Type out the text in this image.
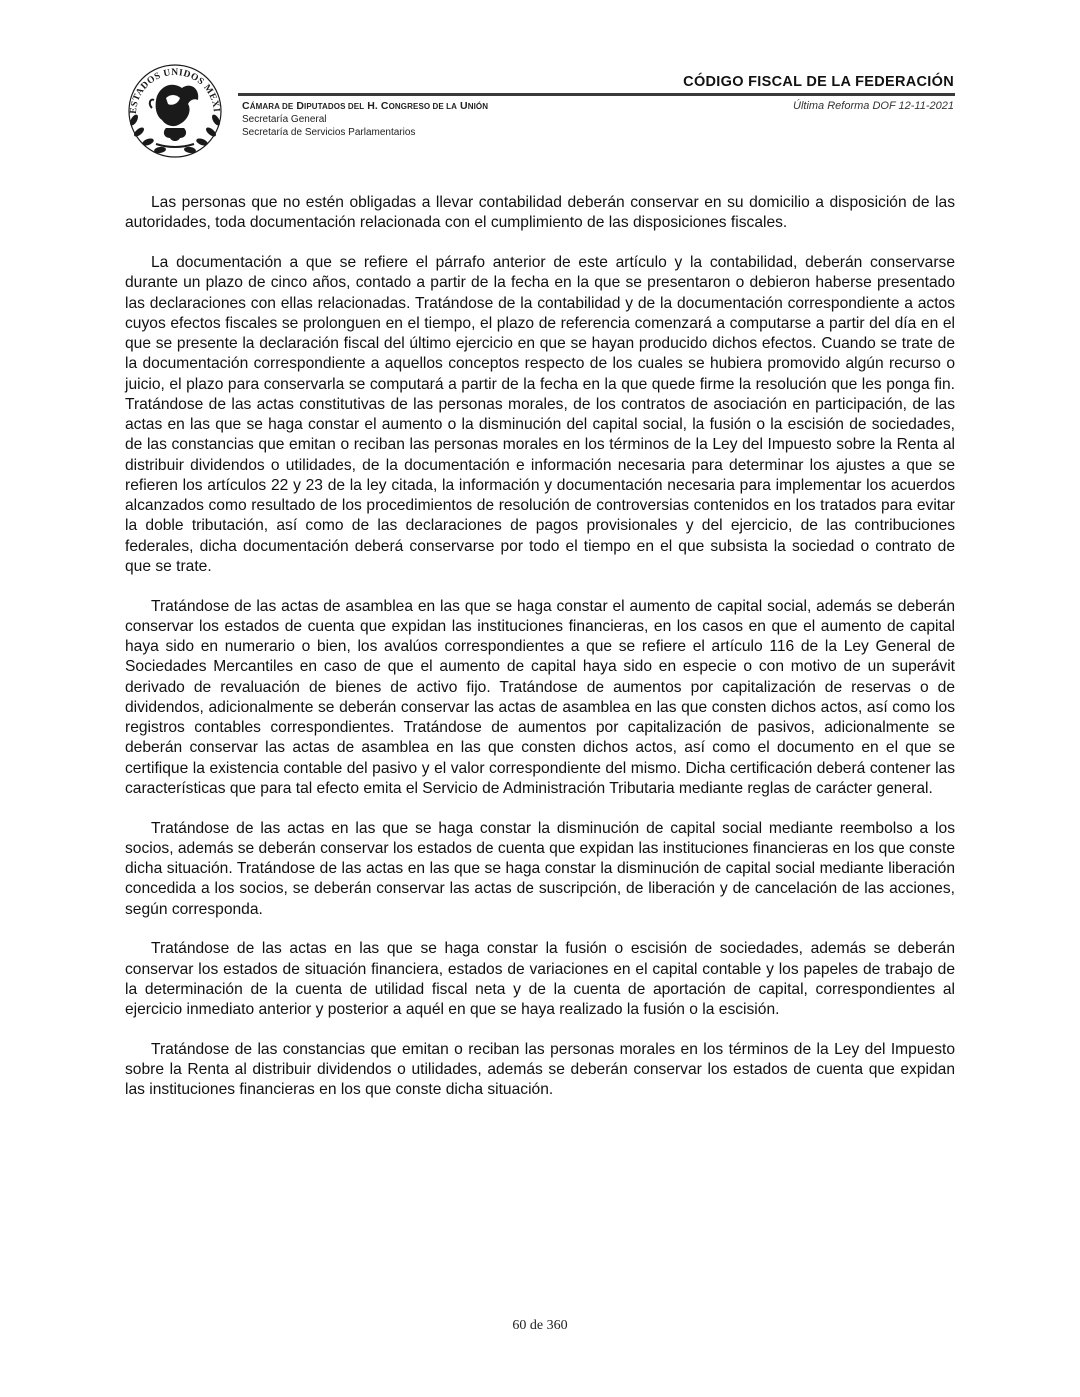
ESTADOS UNIDOS MEXI CÁMARA DE DIPUTADOS DEL H. CONGRESO DE LA UNIÓN
Secretaría General
Secretaría de Servicios Parlamentarios
CÓDIGO FISCAL DE LA FEDERACIÓN
Última Reforma DOF 12-11-2021

Las personas que no estén obligadas a llevar contabilidad deberán conservar en su domicilio a disposición de las autoridades, toda documentación relacionada con el cumplimiento de las disposiciones fiscales.

La documentación a que se refiere el párrafo anterior de este artículo y la contabilidad, deberán conservarse durante un plazo de cinco años, contado a partir de la fecha en la que se presentaron o debieron haberse presentado las declaraciones con ellas relacionadas. Tratándose de la contabilidad y de la documentación correspondiente a actos cuyos efectos fiscales se prolonguen en el tiempo, el plazo de referencia comenzará a computarse a partir del día en el que se presente la declaración fiscal del último ejercicio en que se hayan producido dichos efectos. Cuando se trate de la documentación correspondiente a aquellos conceptos respecto de los cuales se hubiera promovido algún recurso o juicio, el plazo para conservarla se computará a partir de la fecha en la que quede firme la resolución que les ponga fin. Tratándose de las actas constitutivas de las personas morales, de los contratos de asociación en participación, de las actas en las que se haga constar el aumento o la disminución del capital social, la fusión o la escisión de sociedades, de las constancias que emitan o reciban las personas morales en los términos de la Ley del Impuesto sobre la Renta al distribuir dividendos o utilidades, de la documentación e información necesaria para determinar los ajustes a que se refieren los artículos 22 y 23 de la ley citada, la información y documentación necesaria para implementar los acuerdos alcanzados como resultado de los procedimientos de resolución de controversias contenidos en los tratados para evitar la doble tributación, así como de las declaraciones de pagos provisionales y del ejercicio, de las contribuciones federales, dicha documentación deberá conservarse por todo el tiempo en el que subsista la sociedad o contrato de que se trate.

Tratándose de las actas de asamblea en las que se haga constar el aumento de capital social, además se deberán conservar los estados de cuenta que expidan las instituciones financieras, en los casos en que el aumento de capital haya sido en numerario o bien, los avalúos correspondientes a que se refiere el artículo 116 de la Ley General de Sociedades Mercantiles en caso de que el aumento de capital haya sido en especie o con motivo de un superávit derivado de revaluación de bienes de activo fijo. Tratándose de aumentos por capitalización de reservas o de dividendos, adicionalmente se deberán conservar las actas de asamblea en las que consten dichos actos, así como los registros contables correspondientes. Tratándose de aumentos por capitalización de pasivos, adicionalmente se deberán conservar las actas de asamblea en las que consten dichos actos, así como el documento en el que se certifique la existencia contable del pasivo y el valor correspondiente del mismo. Dicha certificación deberá contener las características que para tal efecto emita el Servicio de Administración Tributaria mediante reglas de carácter general.

Tratándose de las actas en las que se haga constar la disminución de capital social mediante reembolso a los socios, además se deberán conservar los estados de cuenta que expidan las instituciones financieras en los que conste dicha situación. Tratándose de las actas en las que se haga constar la disminución de capital social mediante liberación concedida a los socios, se deberán conservar las actas de suscripción, de liberación y de cancelación de las acciones, según corresponda.

Tratándose de las actas en las que se haga constar la fusión o escisión de sociedades, además se deberán conservar los estados de situación financiera, estados de variaciones en el capital contable y los papeles de trabajo de la determinación de la cuenta de utilidad fiscal neta y de la cuenta de aportación de capital, correspondientes al ejercicio inmediato anterior y posterior a aquél en que se haya realizado la fusión o la escisión.

Tratándose de las constancias que emitan o reciban las personas morales en los términos de la Ley del Impuesto sobre la Renta al distribuir dividendos o utilidades, además se deberán conservar los estados de cuenta que expidan las instituciones financieras en los que conste dicha situación.

60 de 360
